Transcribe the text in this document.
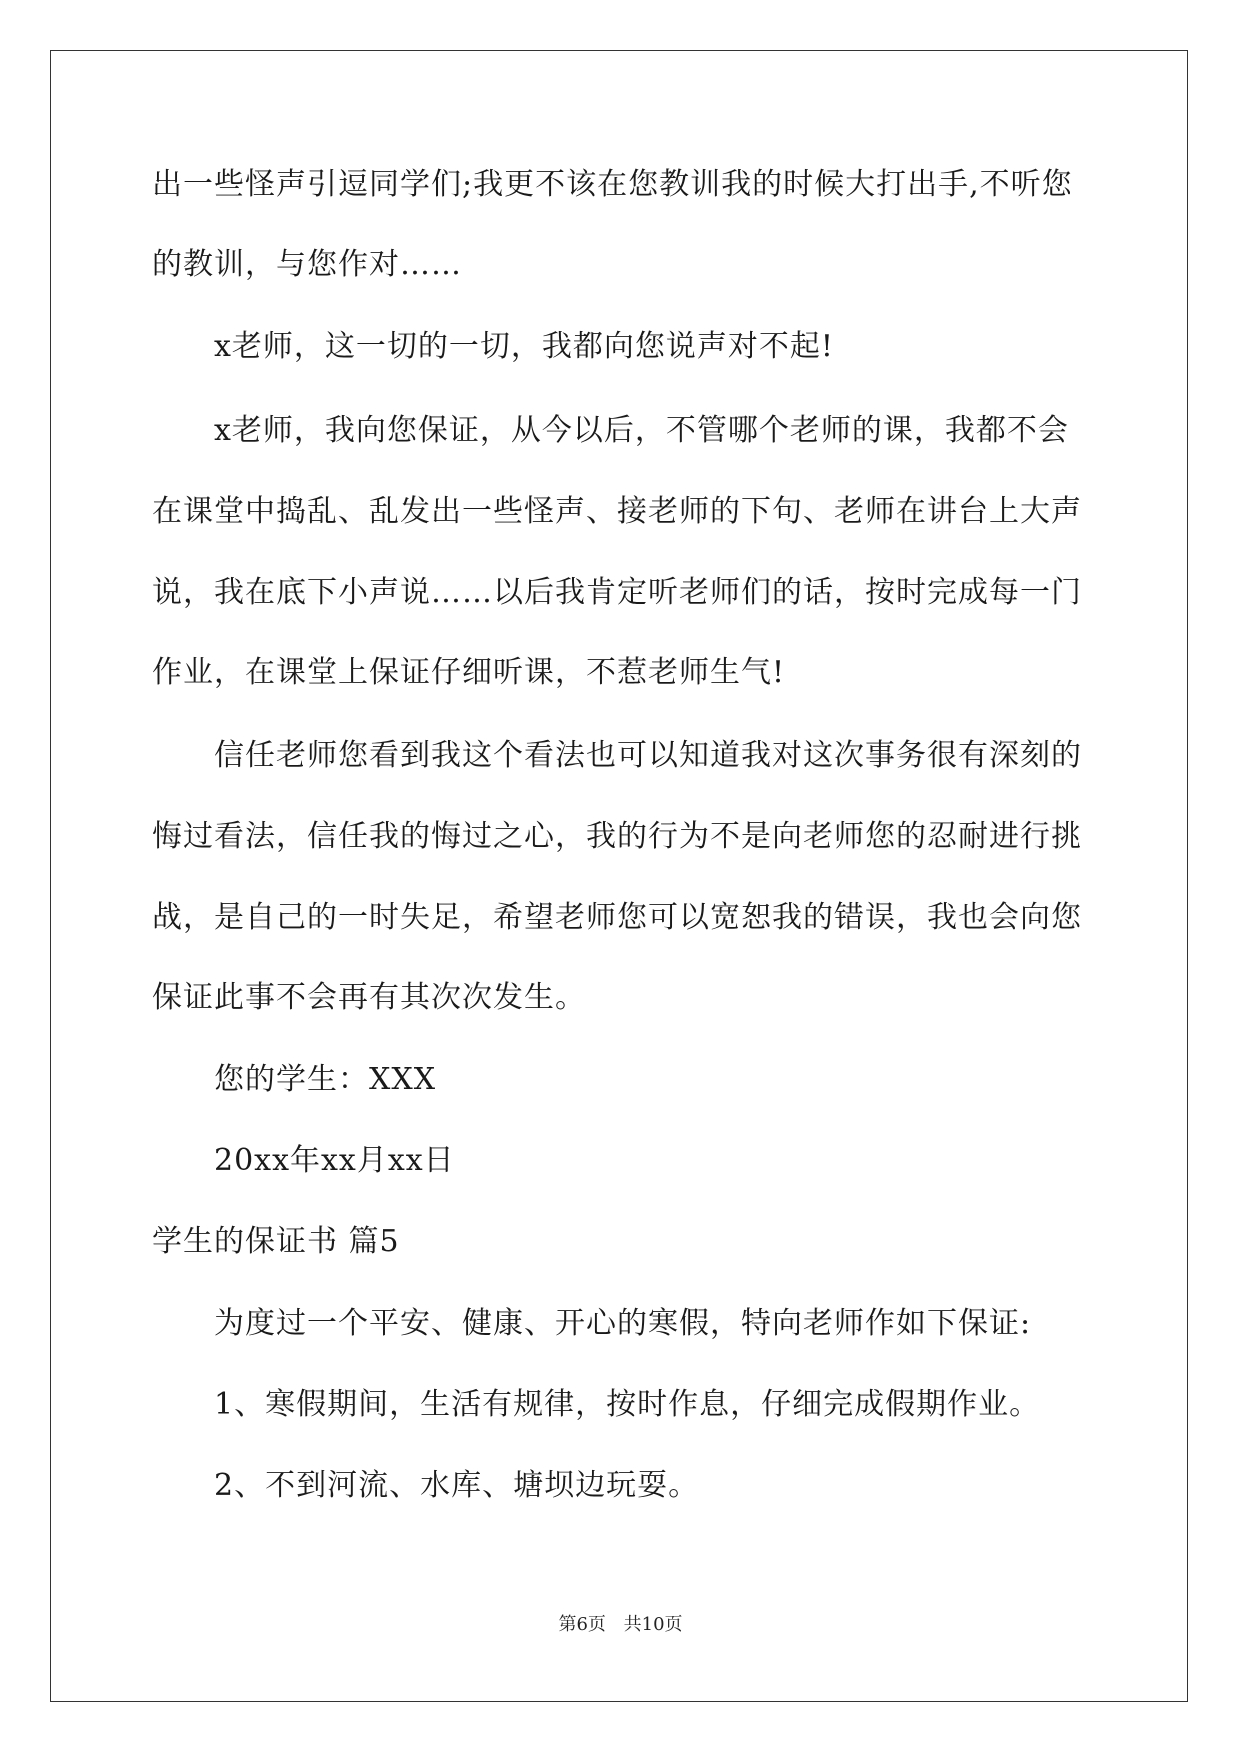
出一些怪声引逗同学们;我更不该在您教训我的时候大打出手,不听您
的教训，与您作对……
x老师，这一切的一切，我都向您说声对不起!
x老师，我向您保证，从今以后，不管哪个老师的课，我都不会
在课堂中捣乱、乱发出一些怪声、接老师的下句、老师在讲台上大声
说，我在底下小声说……以后我肯定听老师们的话，按时完成每一门
作业，在课堂上保证仔细听课，不惹老师生气!
信任老师您看到我这个看法也可以知道我对这次事务很有深刻的
悔过看法，信任我的悔过之心，我的行为不是向老师您的忍耐进行挑
战，是自己的一时失足，希望老师您可以宽恕我的错误，我也会向您
保证此事不会再有其次次发生。
您的学生：XXX
20xx年xx月xx日
学生的保证书 篇5
为度过一个平安、健康、开心的寒假，特向老师作如下保证:
1、寒假期间，生活有规律，按时作息，仔细完成假期作业。
2、不到河流、水库、塘坝边玩耍。
第6页 共10页
